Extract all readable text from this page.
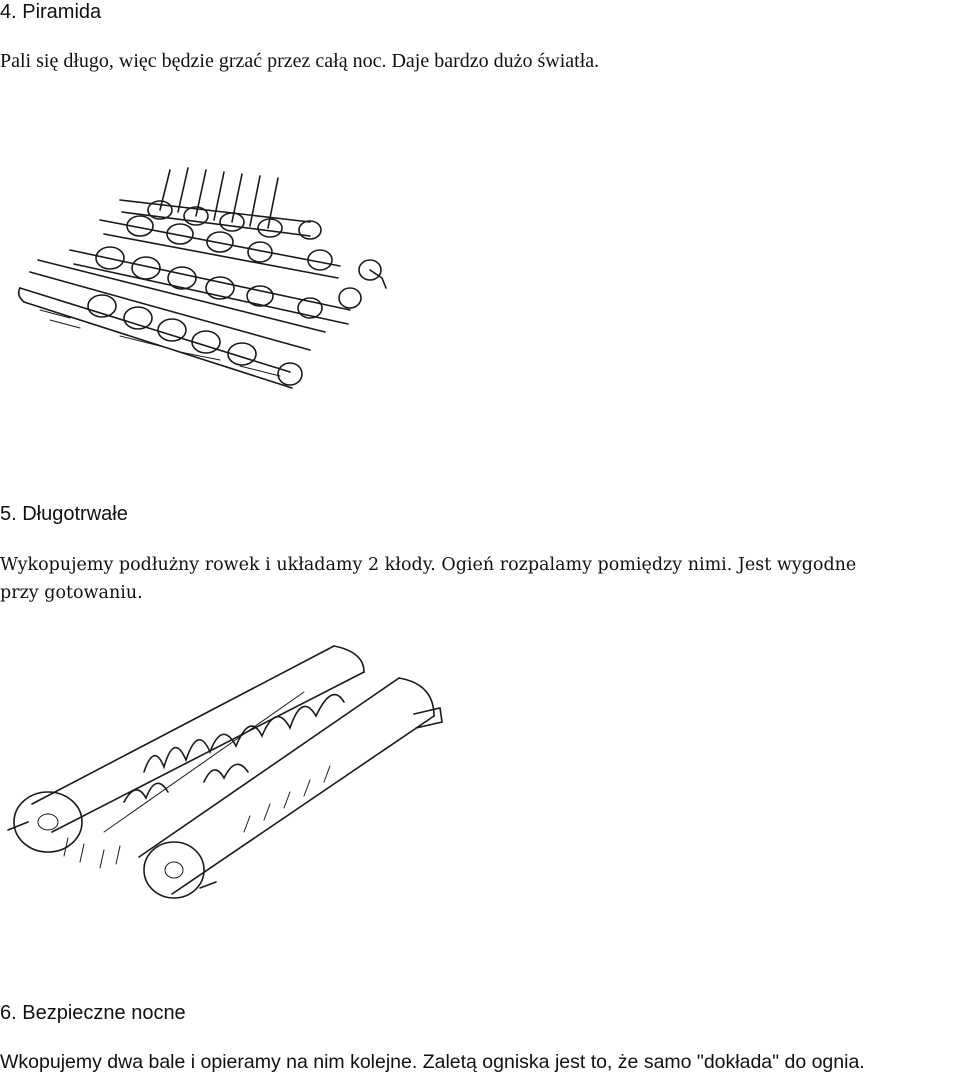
4. Piramida

Pali się długo, więc będzie grzać przez całą noc. Daje bardzo dużo światła.

5. Długotrwałe

Wykopujemy podłużny rowek i układamy 2 kłody. Ogień rozpalamy pomiędzy nimi. Jest wygodne

przy gotowaniu.

6. Bezpieczne nocne

Wkopujemy dwa bale i opieramy na nim kolejne. Zaletą ogniska jest to, że samo "dokłada" do ognia.
